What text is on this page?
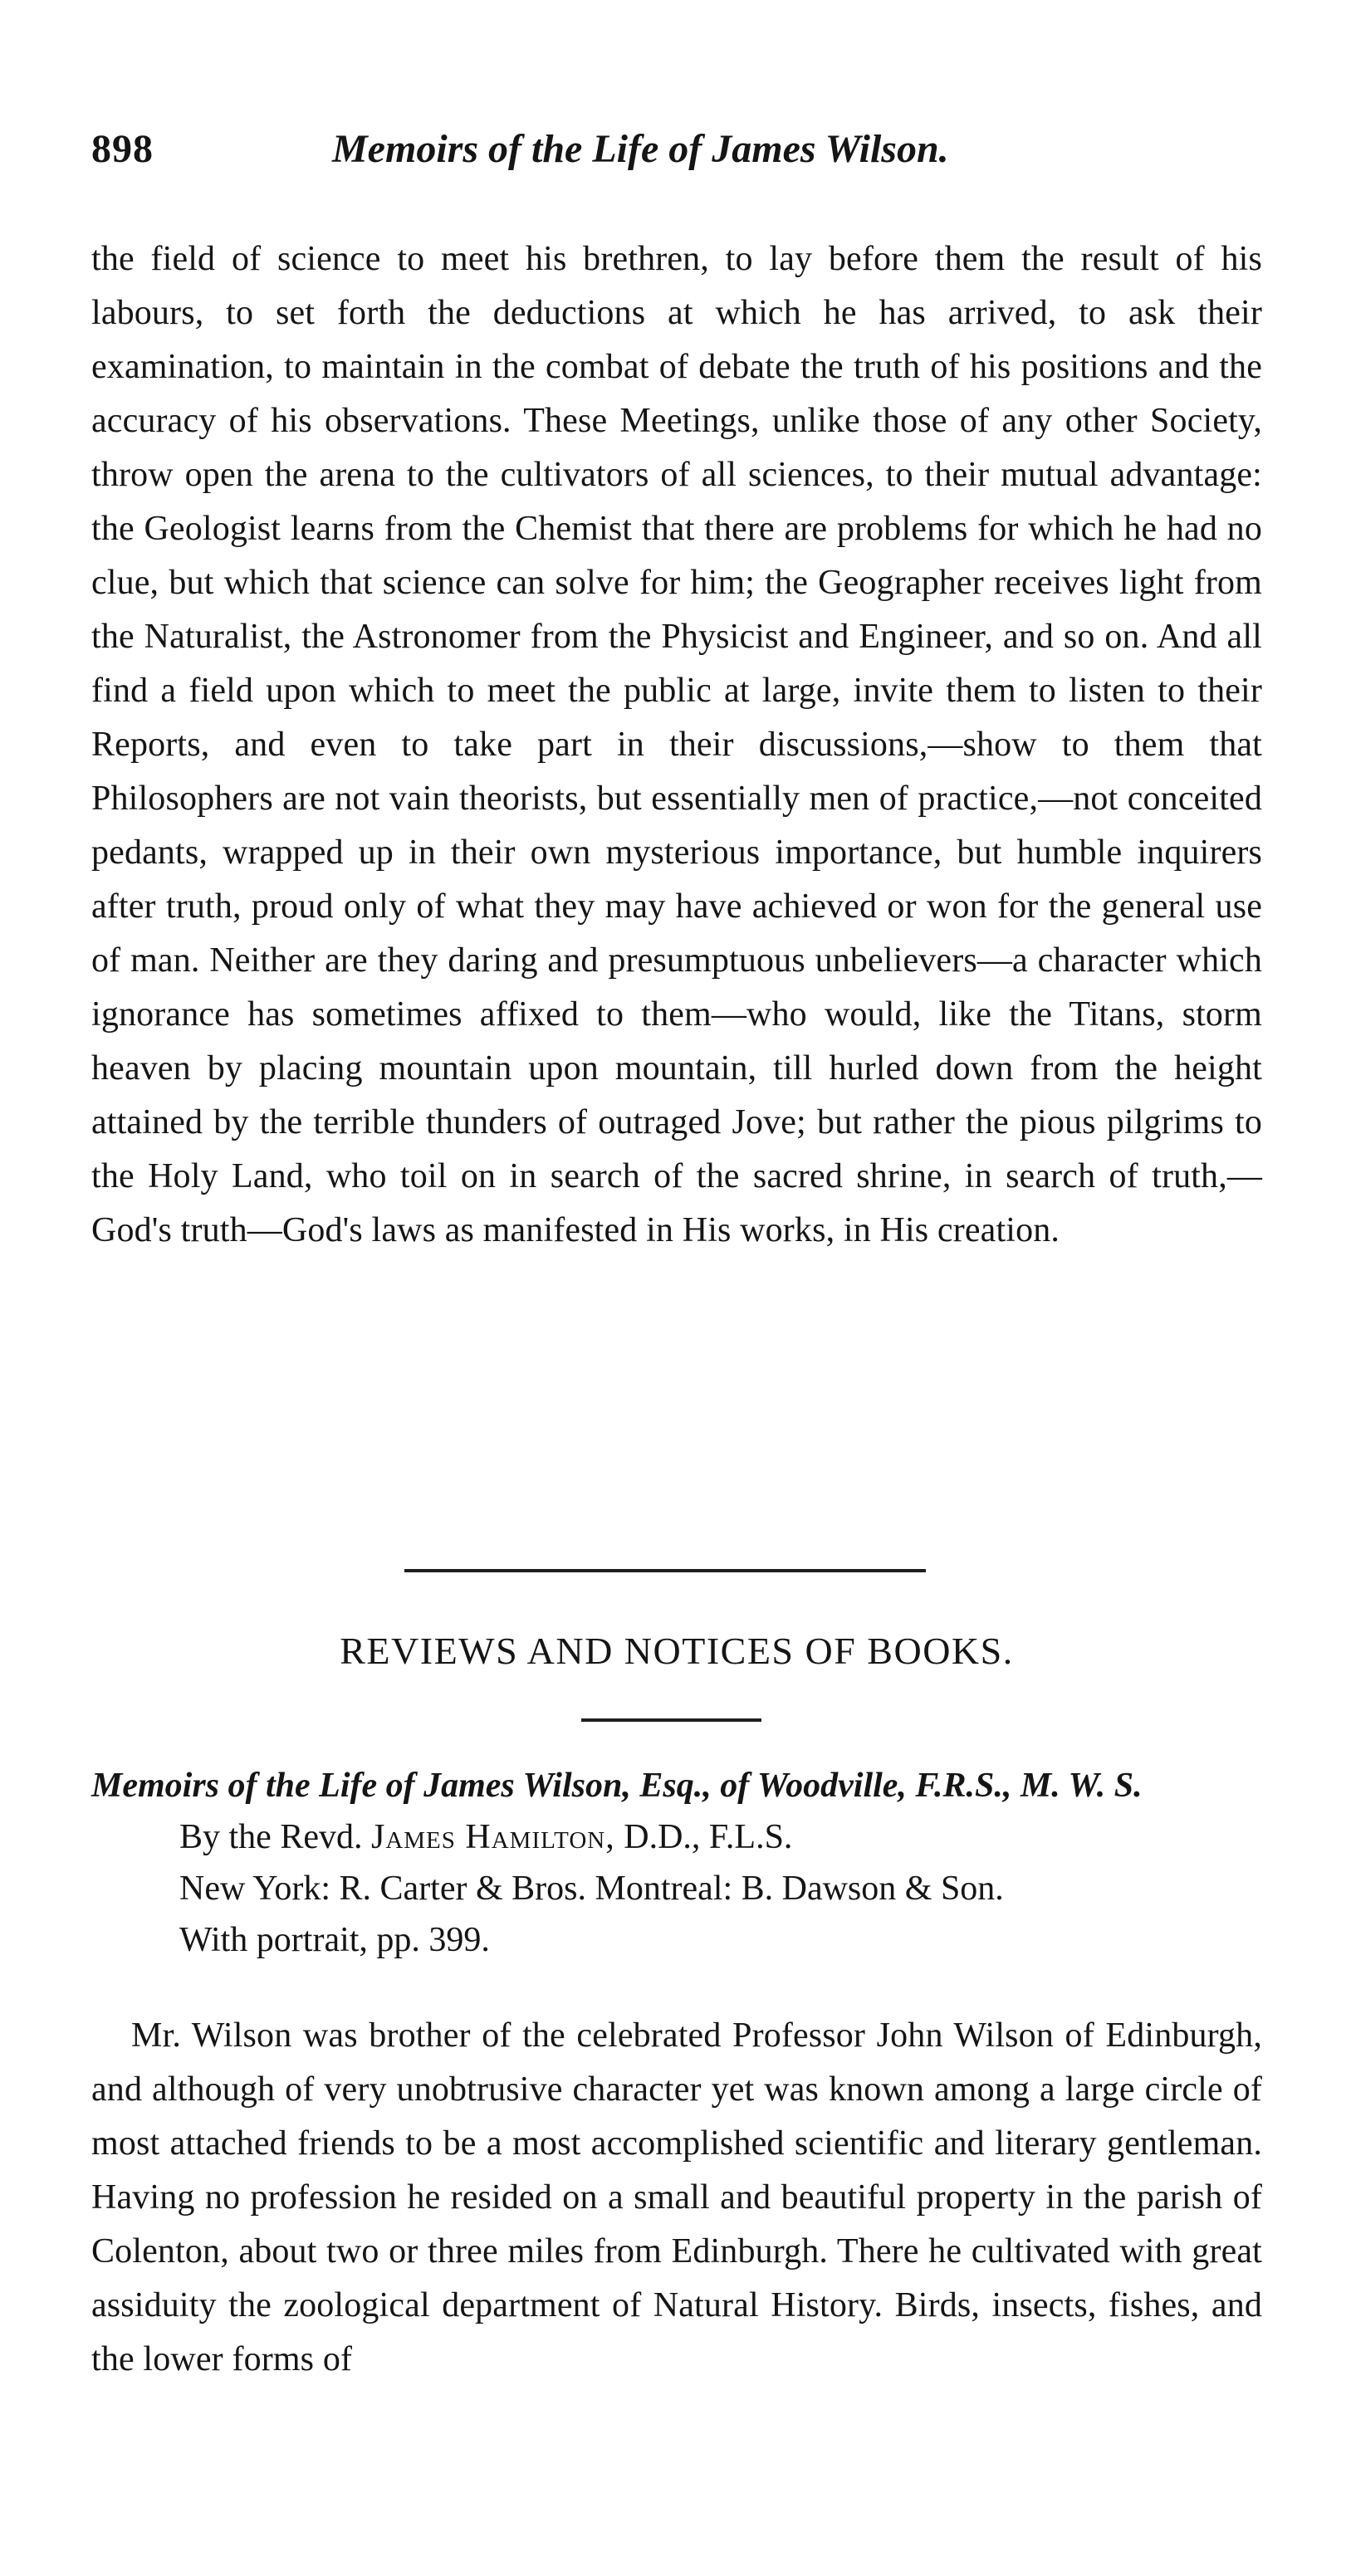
898	Memoirs of the Life of James Wilson.
the field of science to meet his brethren, to lay before them the result of his labours, to set forth the deductions at which he has arrived, to ask their examination, to maintain in the combat of debate the truth of his positions and the accuracy of his observations. These Meetings, unlike those of any other Society, throw open the arena to the cultivators of all sciences, to their mutual advantage: the Geologist learns from the Chemist that there are problems for which he had no clue, but which that science can solve for him; the Geographer receives light from the Naturalist, the Astronomer from the Physicist and Engineer, and so on. And all find a field upon which to meet the public at large, invite them to listen to their Reports, and even to take part in their discussions,—show to them that Philosophers are not vain theorists, but essentially men of practice,—not conceited pedants, wrapped up in their own mysterious importance, but humble inquirers after truth, proud only of what they may have achieved or won for the general use of man. Neither are they daring and presumptuous unbelievers—a character which ignorance has sometimes affixed to them—who would, like the Titans, storm heaven by placing mountain upon mountain, till hurled down from the height attained by the terrible thunders of outraged Jove; but rather the pious pilgrims to the Holy Land, who toil on in search of the sacred shrine, in search of truth,—God's truth—God's laws as manifested in His works, in His creation.
REVIEWS AND NOTICES OF BOOKS.
Memoirs of the Life of James Wilson, Esq., of Woodville, F.R.S., M. W. S.
By the Revd. James Hamilton, D.D., F.L.S.
New York: R. Carter & Bros. Montreal: B. Dawson & Son.
With portrait, pp. 399.
Mr. Wilson was brother of the celebrated Professor John Wilson of Edinburgh, and although of very unobtrusive character yet was known among a large circle of most attached friends to be a most accomplished scientific and literary gentleman. Having no profession he resided on a small and beautiful property in the parish of Colenton, about two or three miles from Edinburgh. There he cultivated with great assiduity the zoological department of Natural History. Birds, insects, fishes, and the lower forms of
